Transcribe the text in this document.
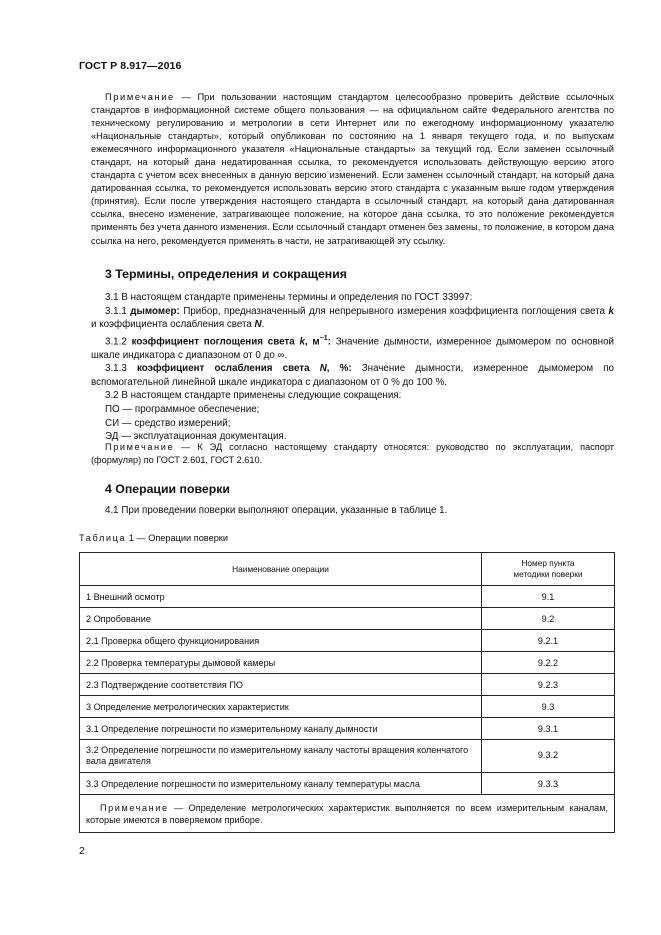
ГОСТ Р 8.917—2016
Примечание — При пользовании настоящим стандартом целесообразно проверить действие ссылочных стандартов в информационной системе общего пользования — на официальном сайте Федерального агентства по техническому регулированию и метрологии в сети Интернет или по ежегодному информационному указателю «Национальные стандарты», который опубликован по состоянию на 1 января текущего года, и по выпускам ежемесячного информационного указателя «Национальные стандарты» за текущий год. Если заменен ссылочный стандарт, на который дана недатированная ссылка, то рекомендуется использовать действующую версию этого стандарта с учетом всех внесенных в данную версию изменений. Если заменен ссылочный стандарт, на который дана датированная ссылка, то рекомендуется использовать версию этого стандарта с указанным выше годом утверждения (принятия). Если после утверждения настоящего стандарта в ссылочный стандарт, на который дана датированная ссылка, внесено изменение, затрагивающее положение, на которое дана ссылка, то это положение рекомендуется применять без учета данного изменения. Если ссылочный стандарт отменен без замены, то положение, в котором дана ссылка на него, рекомендуется применять в части, не затрагивающей эту ссылку.
3 Термины, определения и сокращения

3.1 В настоящем стандарте применены термины и определения по ГОСТ 33997:

3.1.1 дымомер: Прибор, предназначенный для непрерывного измерения коэффициента поглощения света k и коэффициента ослабления света N.

3.1.2 коэффициент поглощения света k, $м^{-1}$: Значение дымности, измеренное дымомером по основной шкале индикатора с диапазоном от 0 до ∞.

3.1.3 коэффициент ослабления света N, %: Значение дымности, измеренное дымомером по вспомогательной линейной шкале индикатора с диапазоном от 0 % до 100 %.

3.2 В настоящем стандарте применены следующие сокращения:

ПО — программное обеспечение;

СИ — средство измерений;

ЭД — эксплуатационная документация.

Примечание — К ЭД согласно настоящему стандарту относятся: руководство по эксплуатации, паспорт (формуляр) по ГОСТ 2.601, ГОСТ 2.610.
4 Операции поверки
4.1 При проведении поверки выполняют операции, указанные в таблице 1.
Таблица 1 — Операции поверки
Наименование операции	Номер пункта
методики поверки
1 Внешний осмотр	9.1
2 Опробование	9.2
2.1 Проверка общего функционирования	9.2.1
2.2 Проверка температуры дымовой камеры	9.2.2
2.3 Подтверждение соответствия ПО	9.2.3
3 Определение метрологических характеристик	9.3
3.1 Определение погрешности по измерительному каналу дымности	9.3.1
3.2 Определение погрешности по измерительному каналу частоты вращения коленчатого вала двигателя	9.3.2
3.3 Определение погрешности по измерительному каналу температуры масла	9.3.3
Примечание — Определение метрологических характеристик выполняется по всем измерительным каналам, которые имеются в поверяемом приборе.	
2
